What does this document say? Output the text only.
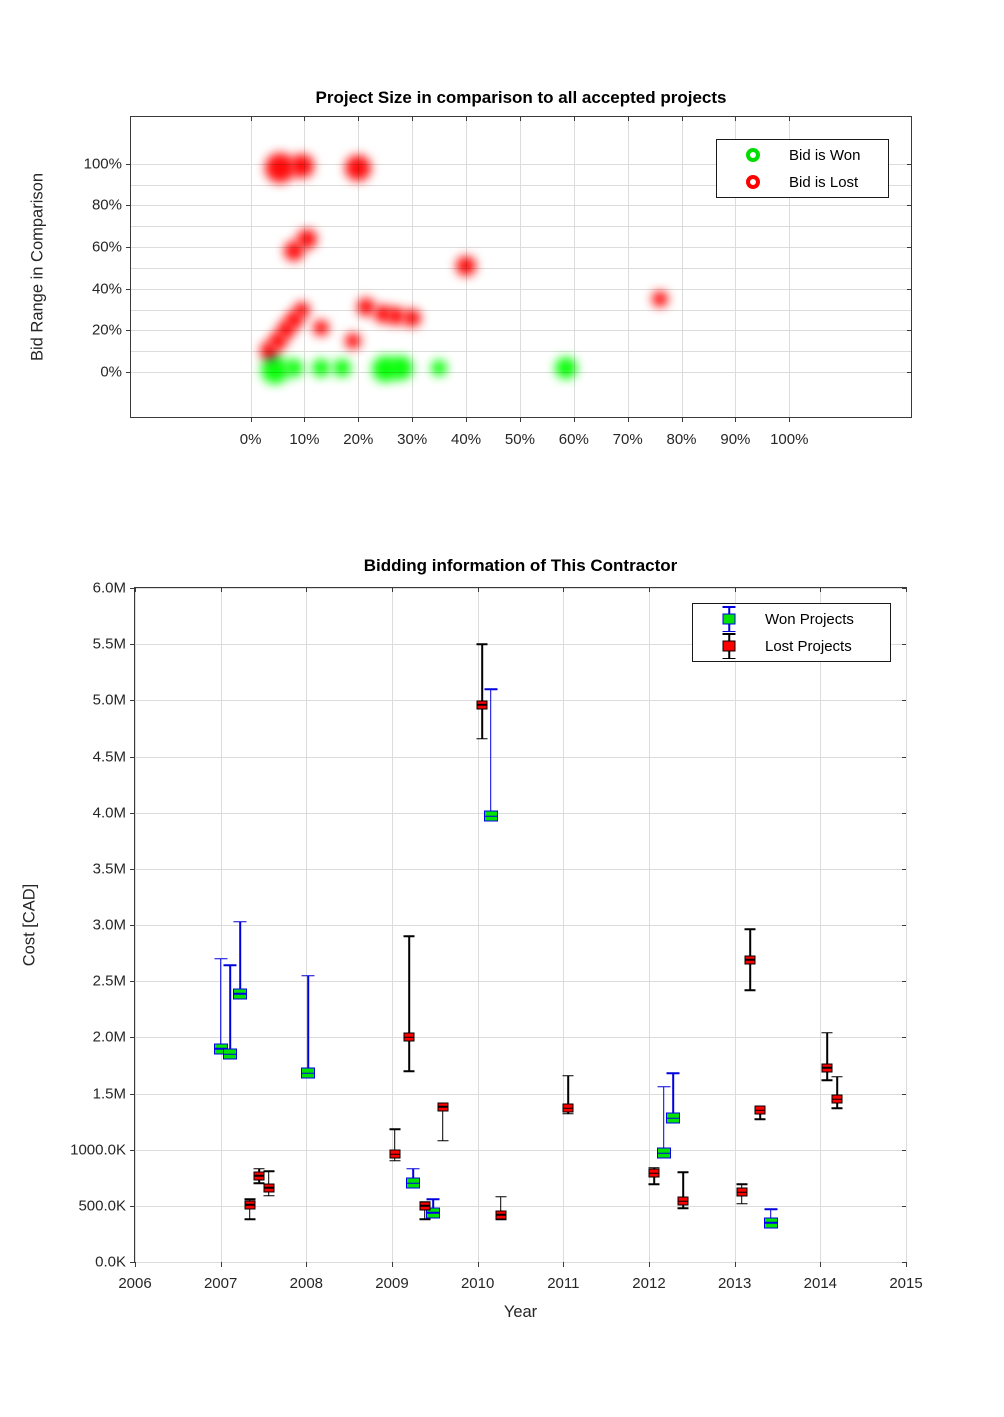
Project Size in comparison to all accepted projects
Bid Range in Comparison
0% 10% 20% 30% 40% 50% 60% 70% 80% 90% 100%
0%
20%
40%
60%
80%
100%
Bid is Won
Bid is Lost
Bidding information of This Contractor
Cost [CAD]
Year
2006	2007	2008	2009	2010	2011	2012	2013	2014	2015
0.0K
500.0K
1000.0K
1.5M
2.0M
2.5M
3.0M
3.5M
4.0M
4.5M
5.0M
5.5M
6.0M
Won Projects
Lost Projects
